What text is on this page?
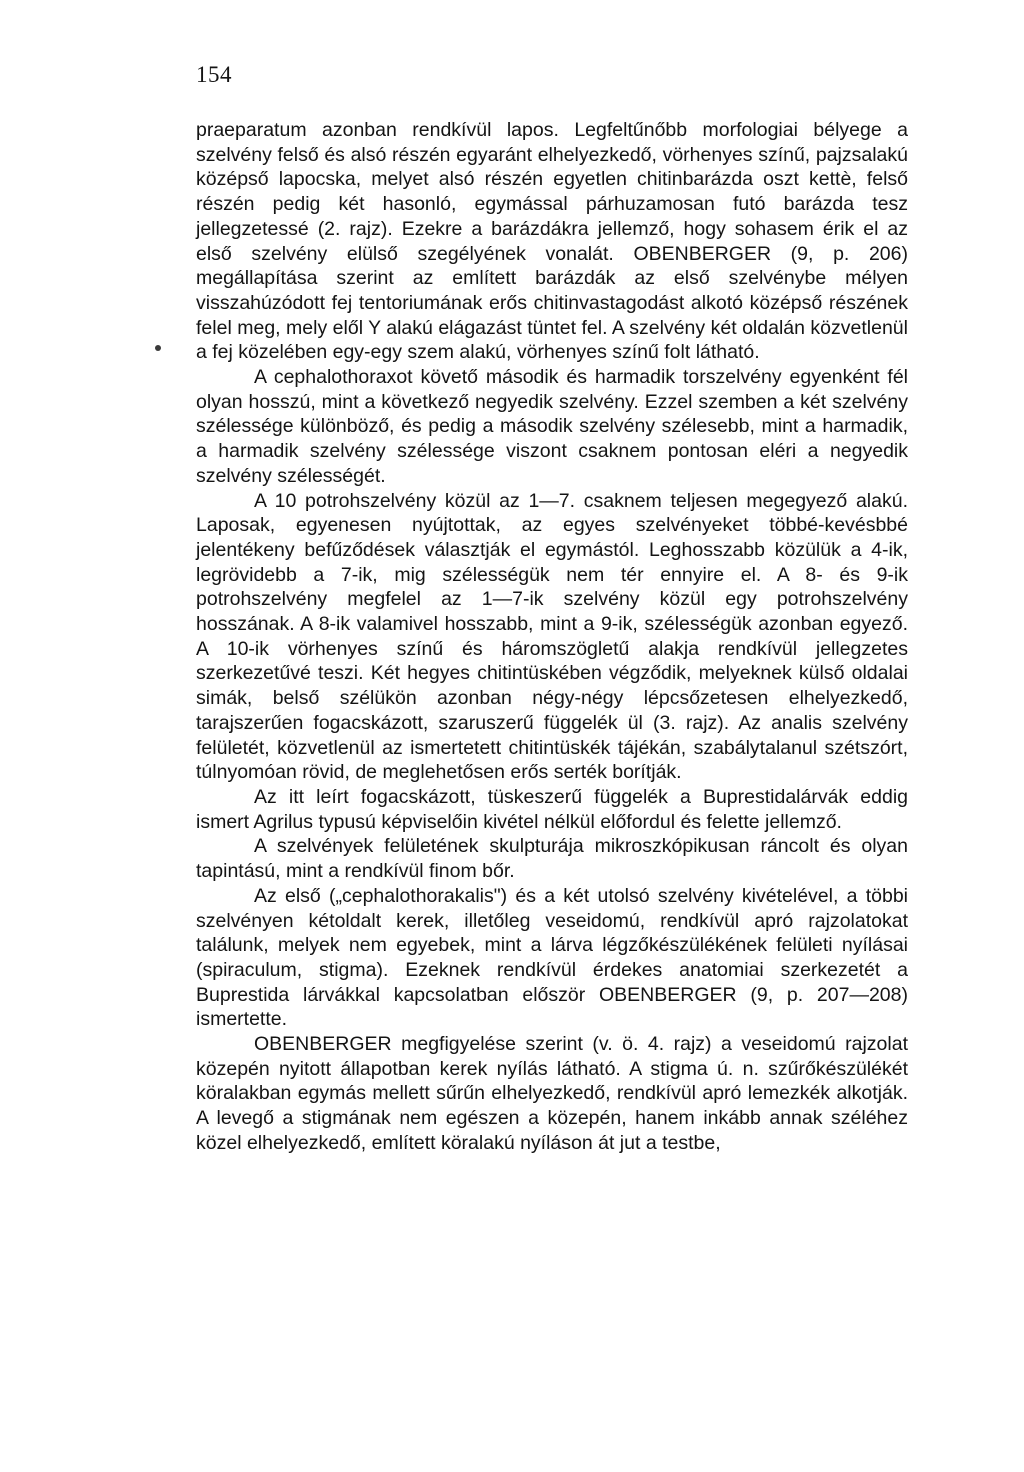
154

praeparatum azonban rendkívül lapos. Legfeltűnőbb morfologiai bélyege a szelvény felső és alsó részén egyaránt elhelyezkedő, vörhenyes színű, pajzsalakú középső lapocska, melyet alsó részén egyetlen chitinbarázda oszt kettè, felső részén pedig két hasonló, egymással párhuzamosan futó barázda tesz jellegzetessé (2. rajz). Ezekre a barázdákra jellemző, hogy sohasem érik el az első szelvény elülső szegélyének vonalát. OBENBERGER (9, p. 206) megállapítása szerint az említett barázdák az első szelvénybe mélyen visszahúzódott fej tentoriumának erős chitinvastagodást alkotó középső részének felel meg, mely elől Y alakú elágazást tüntet fel. A szelvény két oldalán közvetlenül a fej közelében egy-egy szem alakú, vörhenyes színű folt látható.

A cephalothoraxot követő második és harmadik torszelvény egyenként fél olyan hosszú, mint a következő negyedik szelvény. Ezzel szemben a két szelvény szélessége különböző, és pedig a második szelvény szélesebb, mint a harmadik, a harmadik szelvény szélessége viszont csaknem pontosan eléri a negyedik szelvény szélességét.

A 10 potrohszelvény közül az 1—7. csaknem teljesen megegyező alakú. Laposak, egyenesen nyújtottak, az egyes szelvényeket többé-kevésbbé jelentékeny befűződések választják el egymástól. Leghosszabb közülük a 4-ik, legrövidebb a 7-ik, mig szélességük nem tér ennyire el. A 8- és 9-ik potrohszelvény megfelel az 1—7-ik szelvény közül egy potrohszelvény hosszának. A 8-ik valamivel hosszabb, mint a 9-ik, szélességük azonban egyező. A 10-ik vörhenyes színű és háromszögletű alakja rendkívül jellegzetes szerkezetűvé teszi. Két hegyes chitintüskében végződik, melyeknek külső oldalai simák, belső szélükön azonban négy-négy lépcsőzetesen elhelyezkedő, tarajszerűen fogacskázott, szaruszerű függelék ül (3. rajz). Az analis szelvény felületét, közvetlenül az ismertetett chitintüskék tájékán, szabálytalanul szétszórt, túlnyomóan rövid, de meglehetősen erős serték borítják.

Az itt leírt fogacskázott, tüskeszerű függelék a Buprestidalárvák eddig ismert Agrilus typusú képviselőin kivétel nélkül előfordul és felette jellemző.

A szelvények felületének skulpturája mikroszkópikusan ráncolt és olyan tapintású, mint a rendkívül finom bőr.

Az első („cephalothorakalis") és a két utolsó szelvény kivételével, a többi szelvényen kétoldalt kerek, illetőleg veseidomú, rendkívül apró rajzolatokat találunk, melyek nem egyebek, mint a lárva légzőkészülékének felületi nyílásai (spiraculum, stigma). Ezeknek rendkívül érdekes anatomiai szerkezetét a Buprestida lárvákkal kapcsolatban először OBENBERGER (9, p. 207—208) ismertette.

OBENBERGER megfigyelése szerint (v. ö. 4. rajz) a veseidomú rajzolat közepén nyitott állapotban kerek nyílás látható. A stigma ú. n. szűrőkészülékét köralakban egymás mellett sűrűn elhelyezkedő, rendkívül apró lemezkék alkotják. A levegő a stigmának nem egészen a közepén, hanem inkább annak széléhez közel elhelyezkedő, említett köralakú nyíláson át jut a testbe,
